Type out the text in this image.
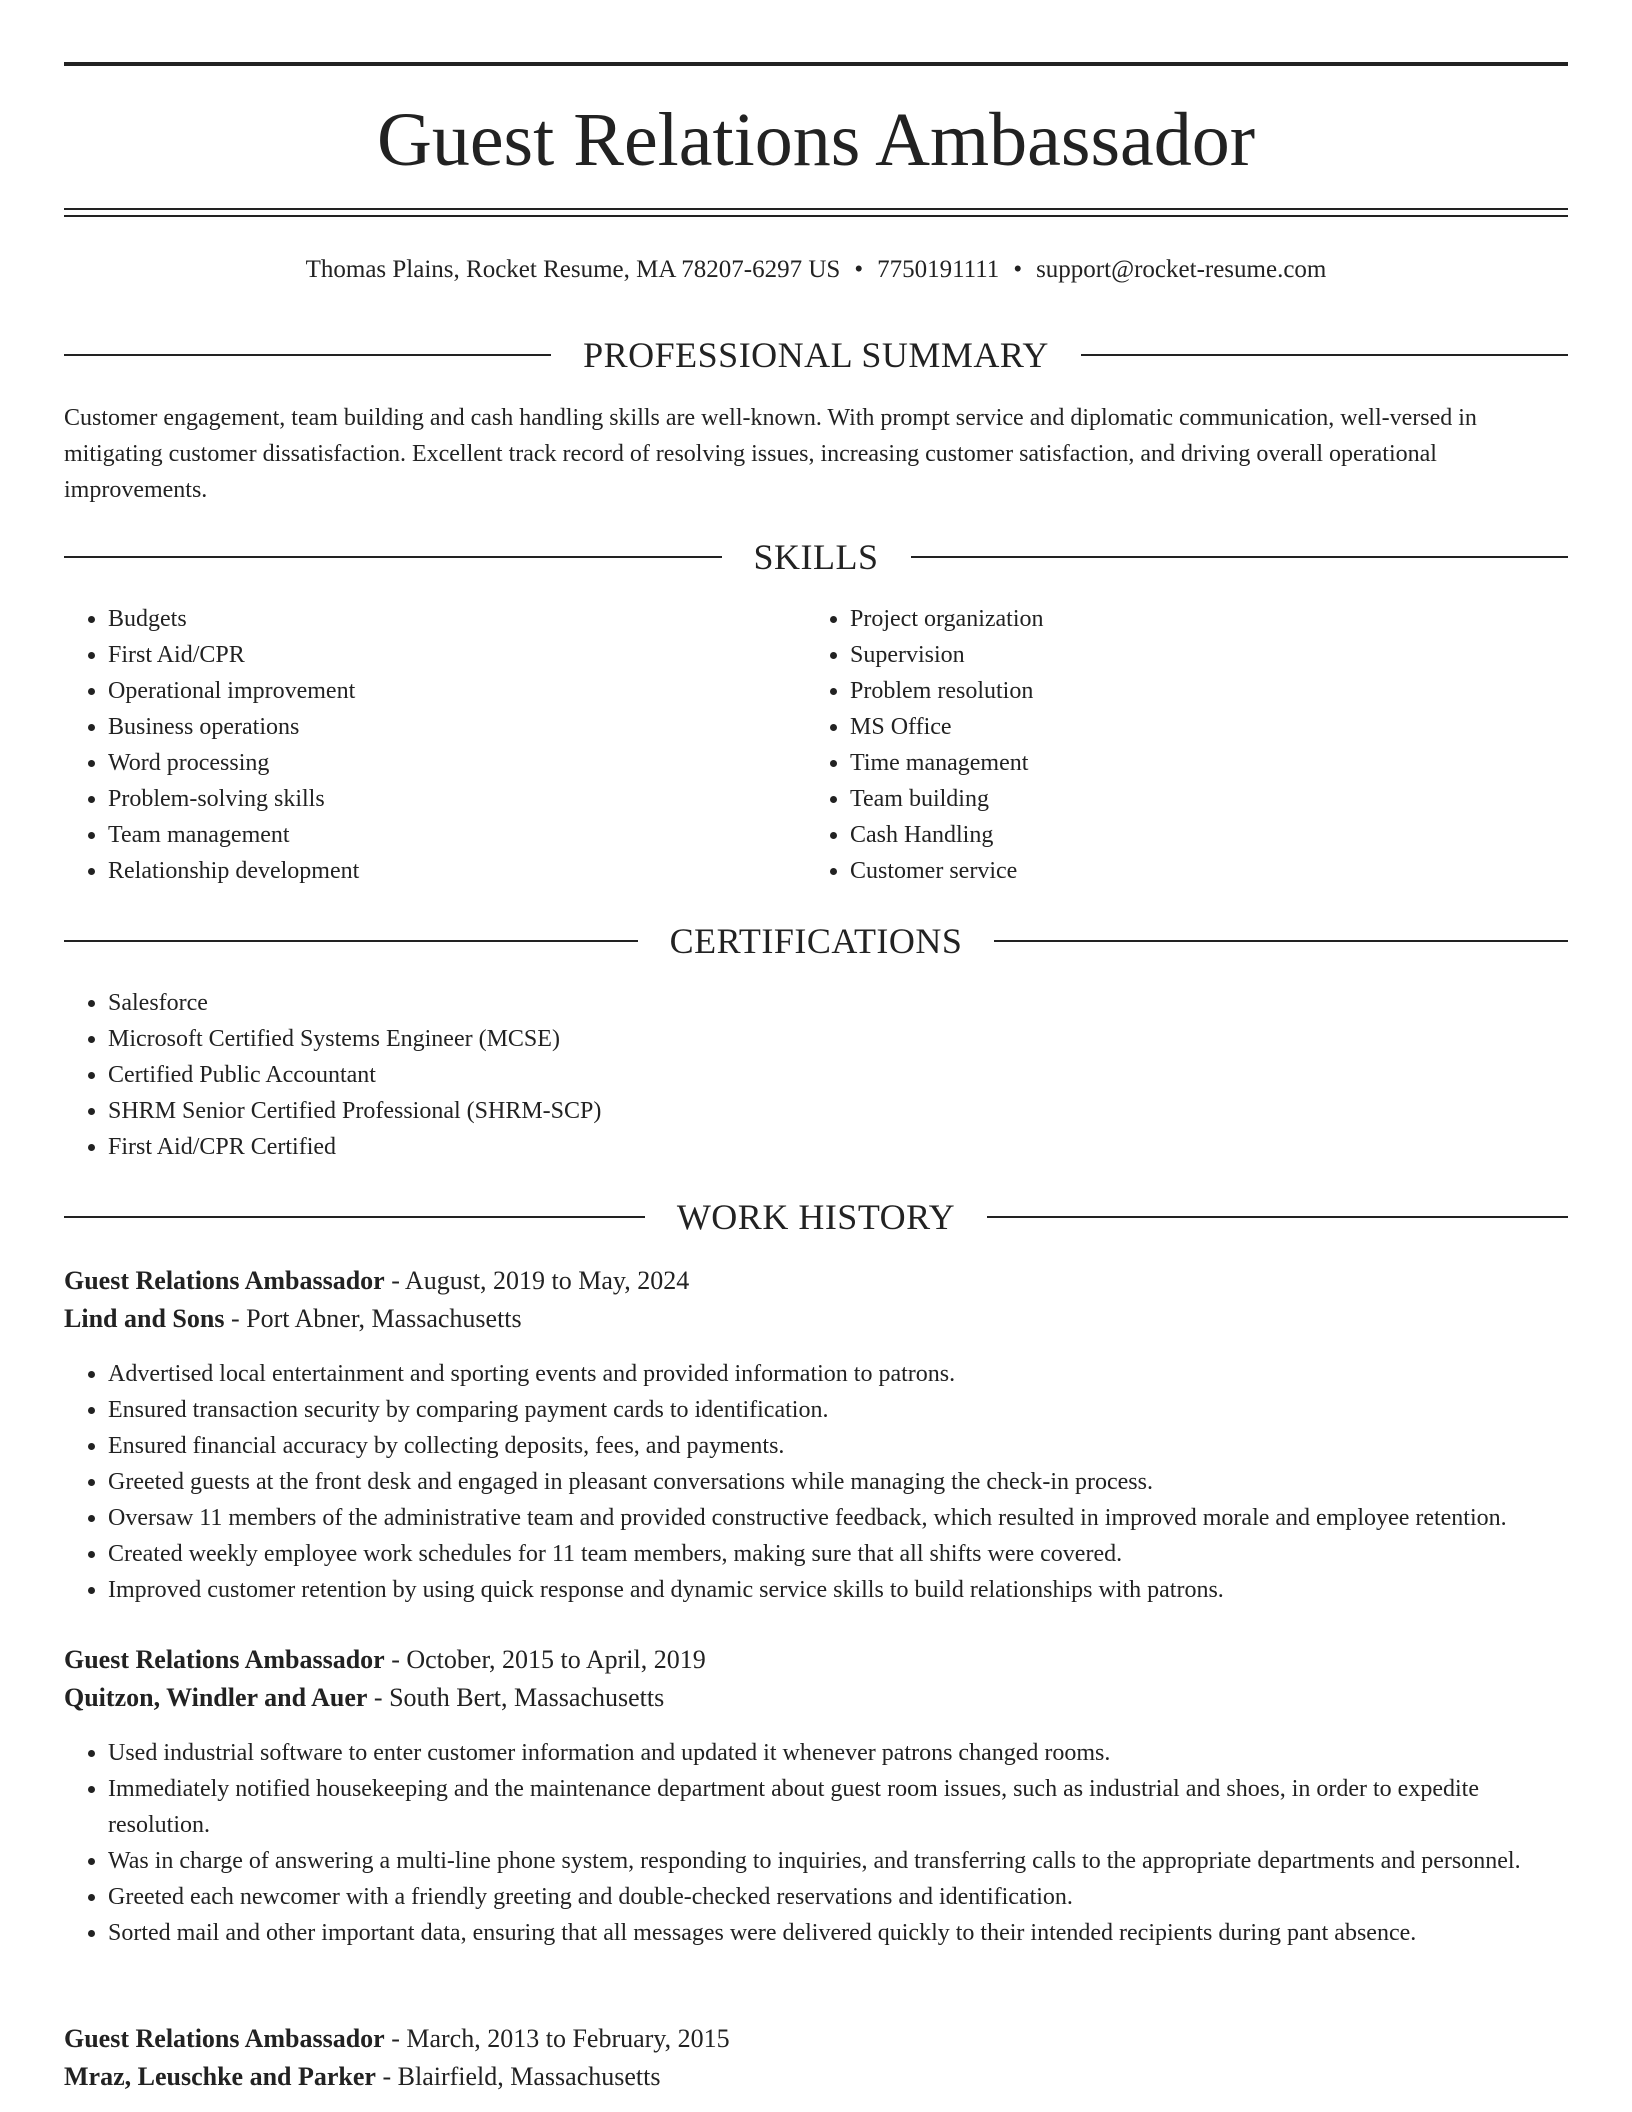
Guest Relations Ambassador
Thomas Plains, Rocket Resume, MA 78207-6297 US • 7750191111 • support@rocket-resume.com
PROFESSIONAL SUMMARY
Customer engagement, team building and cash handling skills are well-known. With prompt service and diplomatic communication, well-versed in mitigating customer dissatisfaction. Excellent track record of resolving issues, increasing customer satisfaction, and driving overall operational improvements.
SKILLS
• Budgets
• First Aid/CPR
• Operational improvement
• Business operations
• Word processing
• Problem-solving skills
• Team management
• Relationship development
• Project organization
• Supervision
• Problem resolution
• MS Office
• Time management
• Team building
• Cash Handling
• Customer service
CERTIFICATIONS
• Salesforce
• Microsoft Certified Systems Engineer (MCSE)
• Certified Public Accountant
• SHRM Senior Certified Professional (SHRM-SCP)
• First Aid/CPR Certified
WORK HISTORY
Guest Relations Ambassador - August, 2019 to May, 2024
Lind and Sons - Port Abner, Massachusetts
• Advertised local entertainment and sporting events and provided information to patrons.
• Ensured transaction security by comparing payment cards to identification.
• Ensured financial accuracy by collecting deposits, fees, and payments.
• Greeted guests at the front desk and engaged in pleasant conversations while managing the check-in process.
• Oversaw 11 members of the administrative team and provided constructive feedback, which resulted in improved morale and employee retention.
• Created weekly employee work schedules for 11 team members, making sure that all shifts were covered.
• Improved customer retention by using quick response and dynamic service skills to build relationships with patrons.
Guest Relations Ambassador - October, 2015 to April, 2019
Quitzon, Windler and Auer - South Bert, Massachusetts
• Used industrial software to enter customer information and updated it whenever patrons changed rooms.
• Immediately notified housekeeping and the maintenance department about guest room issues, such as industrial and shoes, in order to expedite resolution.
• Was in charge of answering a multi-line phone system, responding to inquiries, and transferring calls to the appropriate departments and personnel.
• Greeted each newcomer with a friendly greeting and double-checked reservations and identification.
• Sorted mail and other important data, ensuring that all messages were delivered quickly to their intended recipients during pant absence.
Guest Relations Ambassador - March, 2013 to February, 2015
Mraz, Leuschke and Parker - Blairfield, Massachusetts
